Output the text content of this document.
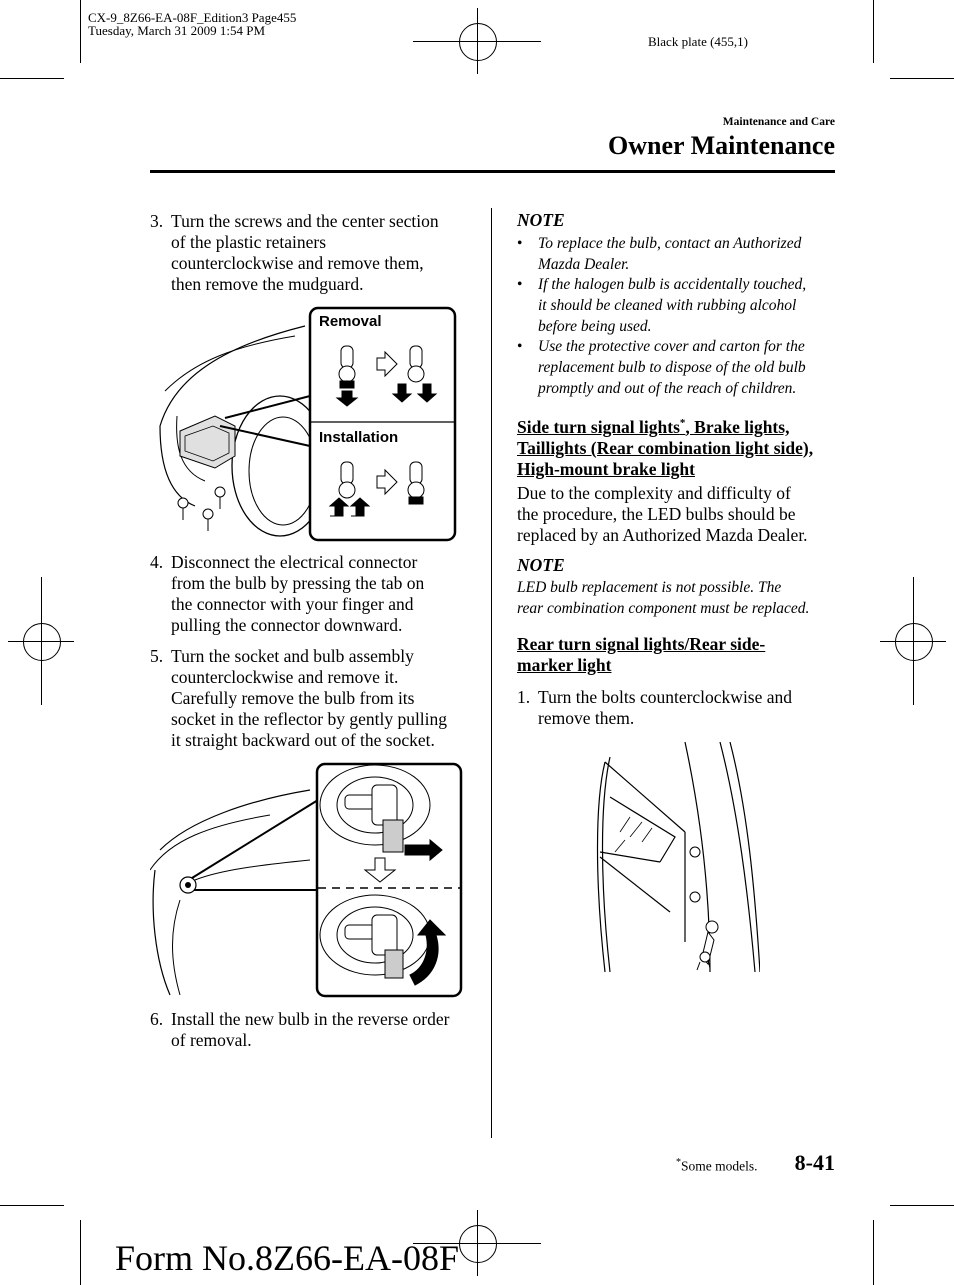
CX-9_8Z66-EA-08F_Edition3 Page455
Tuesday, March 31 2009 1:54 PM
Black plate (455,1)
Maintenance and Care
Owner Maintenance
3. Turn the screws and the center section
of the plastic retainers
counterclockwise and remove them,
then remove the mudguard.
Removal
Installation
4. Disconnect the electrical connector
from the bulb by pressing the tab on
the connector with your finger and
pulling the connector downward.
5. Turn the socket and bulb assembly
counterclockwise and remove it.
Carefully remove the bulb from its
socket in the reflector by gently pulling
it straight backward out of the socket.
6. Install the new bulb in the reverse order
of removal.
NOTE
• To replace the bulb, contact an Authorized
Mazda Dealer.
• If the halogen bulb is accidentally touched,
it should be cleaned with rubbing alcohol
before being used.
• Use the protective cover and carton for the
replacement bulb to dispose of the old bulb
promptly and out of the reach of children.
Side turn signal lights*, Brake lights,
Taillights (Rear combination light side),
High-mount brake light
Due to the complexity and difficulty of
the procedure, the LED bulbs should be
replaced by an Authorized Mazda Dealer.
NOTE
LED bulb replacement is not possible. The
rear combination component must be replaced.
Rear turn signal lights/Rear side-
marker light
1. Turn the bolts counterclockwise and
remove them.
*Some models. 8-41
Form No.8Z66-EA-08F
